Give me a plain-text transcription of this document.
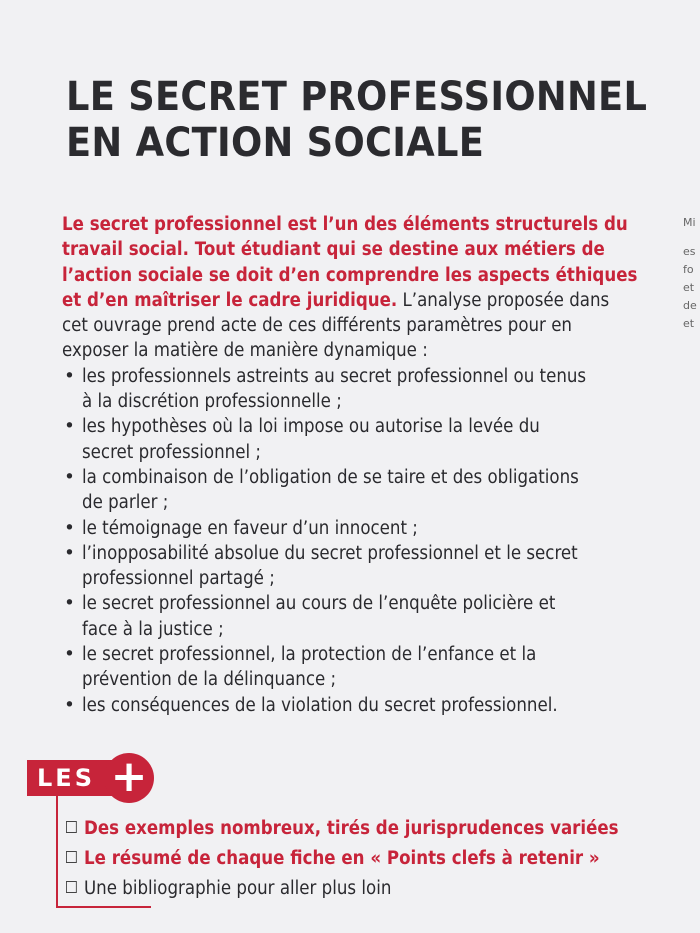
LE SECRET PROFESSIONNEL
EN ACTION SOCIALE
Le secret professionnel est l’un des éléments structurels du
travail social. Tout étudiant qui se destine aux métiers de
l’action sociale se doit d’en comprendre les aspects éthiques
et d’en maîtriser le cadre juridique. L’analyse proposée dans
cet ouvrage prend acte de ces différents paramètres pour en
exposer la matière de manière dynamique :
• les professionnels astreints au secret professionnel ou tenus
à la discrétion professionnelle ;
• les hypothèses où la loi impose ou autorise la levée du
secret professionnel ;
• la combinaison de l’obligation de se taire et des obligations
de parler ;
• le témoignage en faveur d’un innocent ;
• l’inopposabilité absolue du secret professionnel et le secret
professionnel partagé ;
• le secret professionnel au cours de l’enquête policière et
face à la justice ;
• le secret professionnel, la protection de l’enfance et la
prévention de la délinquance ;
• les conséquences de la violation du secret professionnel.
Mi
es
fo
et
de
et
LES +
Des exemples nombreux, tirés de jurisprudences variées
Le résumé de chaque fiche en « Points clefs à retenir »
Une bibliographie pour aller plus loin
